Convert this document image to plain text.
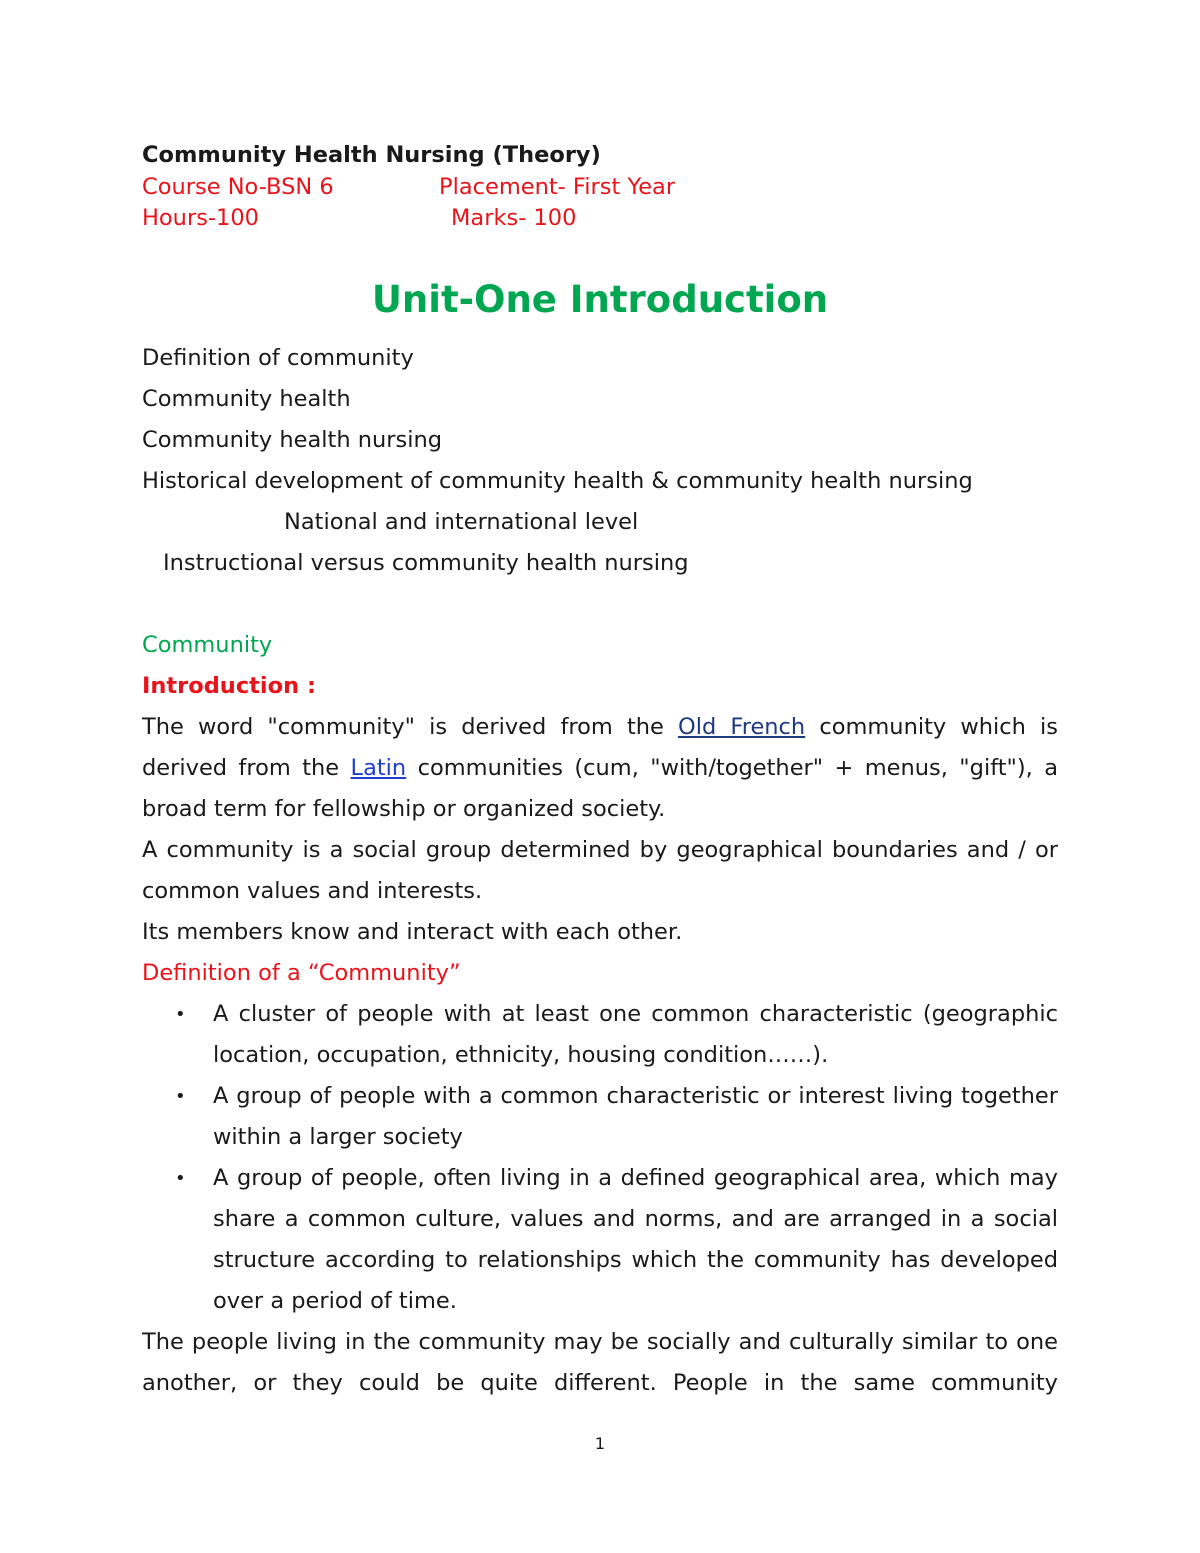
Community Health Nursing (Theory)
Course No-BSN 6	Placement- First Year
Hours-100	Marks- 100
Unit-One Introduction
Definition of community
Community health
Community health nursing
Historical development of community health & community health nursing
National and international level
Instructional versus community health nursing
Community
Introduction :

The word "community" is derived from the Old French community which is derived from the Latin communities (cum, "with/together" + menus, "gift"), a broad term for fellowship or organized society.

A community is a social group determined by geographical boundaries and / or common values and interests.

Its members know and interact with each other.
Definition of a “Community”
• A cluster of people with at least one common characteristic (geographic location, occupation, ethnicity, housing condition……).
• A group of people with a common characteristic or interest living together within a larger society
• A group of people, often living in a defined geographical area, which may share a common culture, values and norms, and are arranged in a social structure according to relationships which the community has developed over a period of time.

The people living in the community may be socially and culturally similar to one another, or they could be quite different. People in the same community

1
